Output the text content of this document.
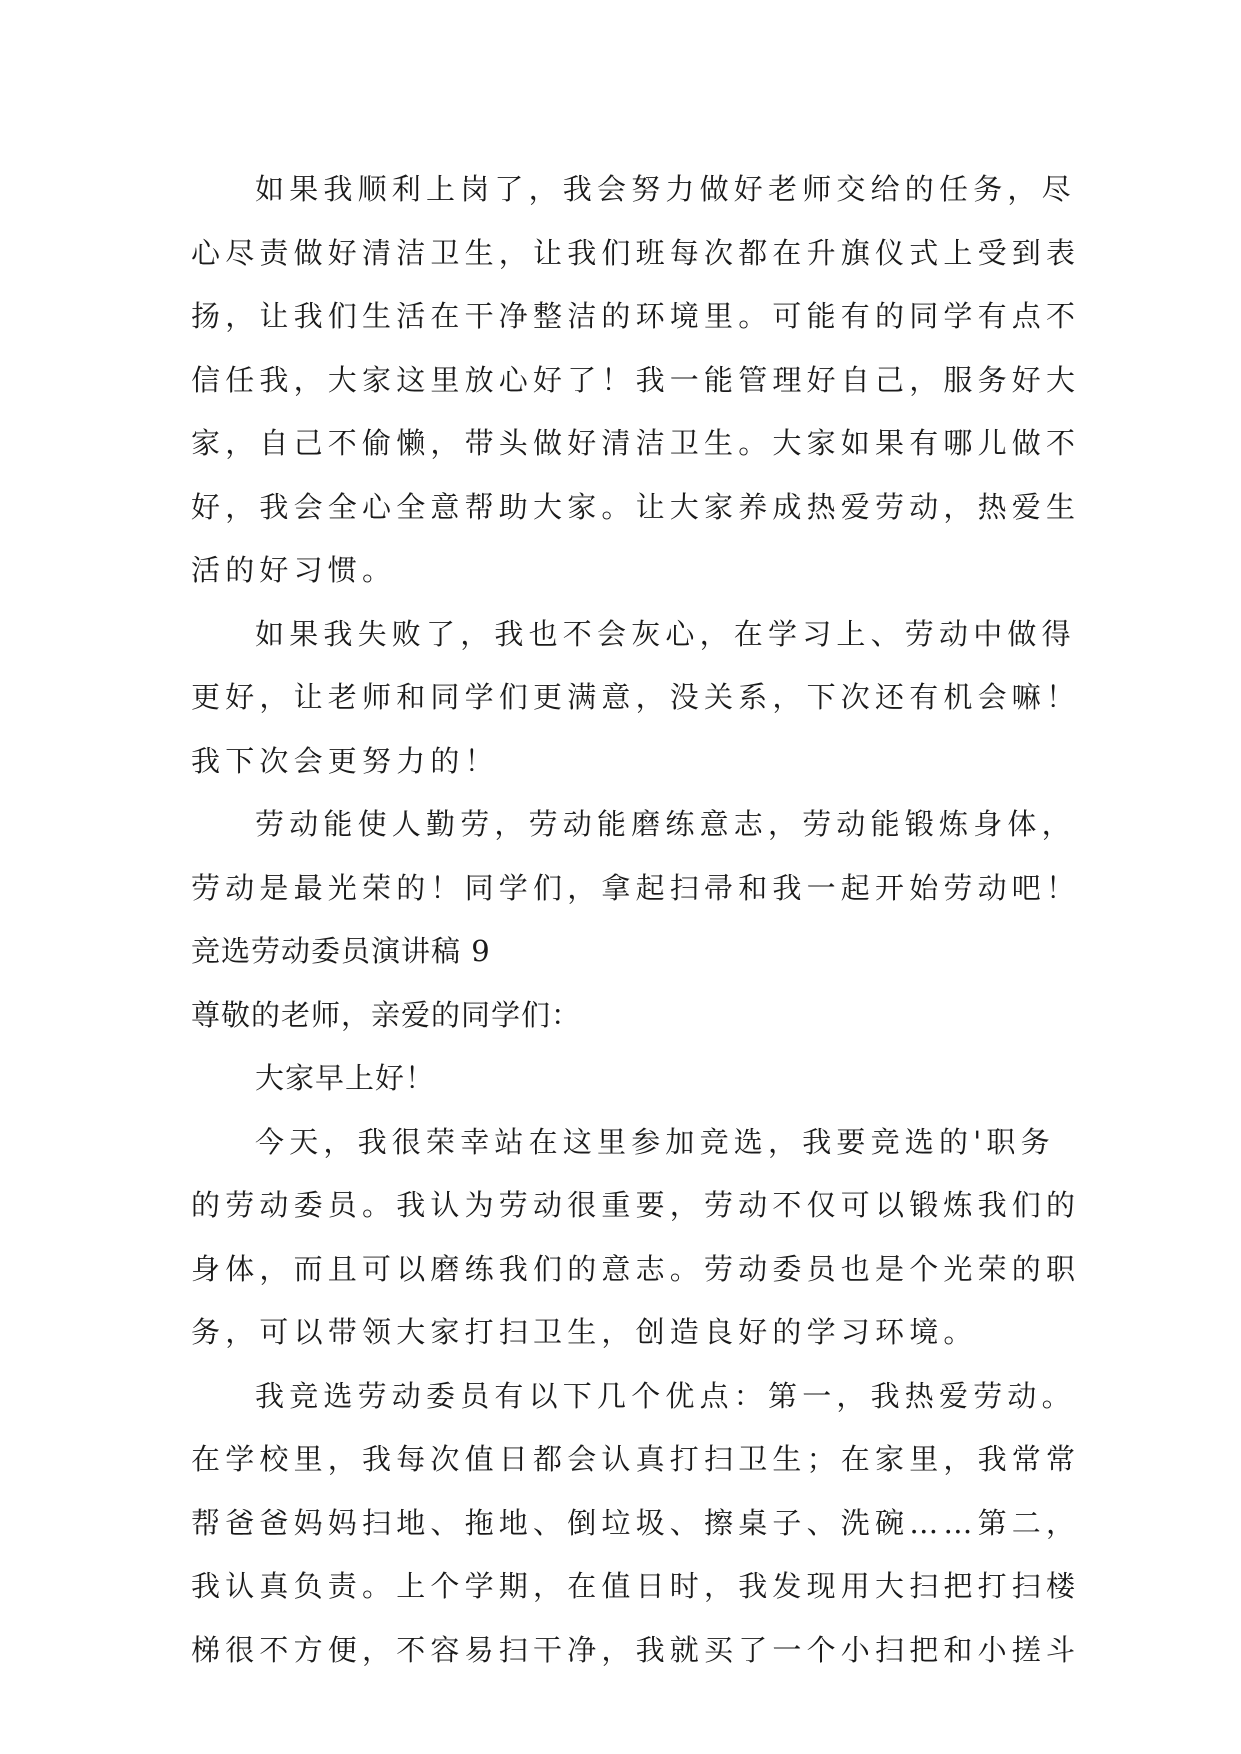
如果我顺利上岗了，我会努力做好老师交给的任务，尽
心尽责做好清洁卫生，让我们班每次都在升旗仪式上受到表
扬，让我们生活在干净整洁的环境里。可能有的同学有点不
信任我，大家这里放心好了！我一能管理好自己，服务好大
家，自己不偷懒，带头做好清洁卫生。大家如果有哪儿做不
好，我会全心全意帮助大家。让大家养成热爱劳动，热爱生
活的好习惯。
如果我失败了，我也不会灰心，在学习上、劳动中做得
更好，让老师和同学们更满意，没关系，下次还有机会嘛！
我下次会更努力的！
劳动能使人勤劳，劳动能磨练意志，劳动能锻炼身体，
劳动是最光荣的！同学们，拿起扫帚和我一起开始劳动吧！
竞选劳动委员演讲稿 9
尊敬的老师，亲爱的同学们：
大家早上好！
今天，我很荣幸站在这里参加竞选，我要竞选的'职务
的劳动委员。我认为劳动很重要，劳动不仅可以锻炼我们的
身体，而且可以磨练我们的意志。劳动委员也是个光荣的职
务，可以带领大家打扫卫生，创造良好的学习环境。
我竞选劳动委员有以下几个优点：第一，我热爱劳动。
在学校里，我每次值日都会认真打扫卫生；在家里，我常常
帮爸爸妈妈扫地、拖地、倒垃圾、擦桌子、洗碗……第二，
我认真负责。上个学期，在值日时，我发现用大扫把打扫楼
梯很不方便，不容易扫干净，我就买了一个小扫把和小搓斗
